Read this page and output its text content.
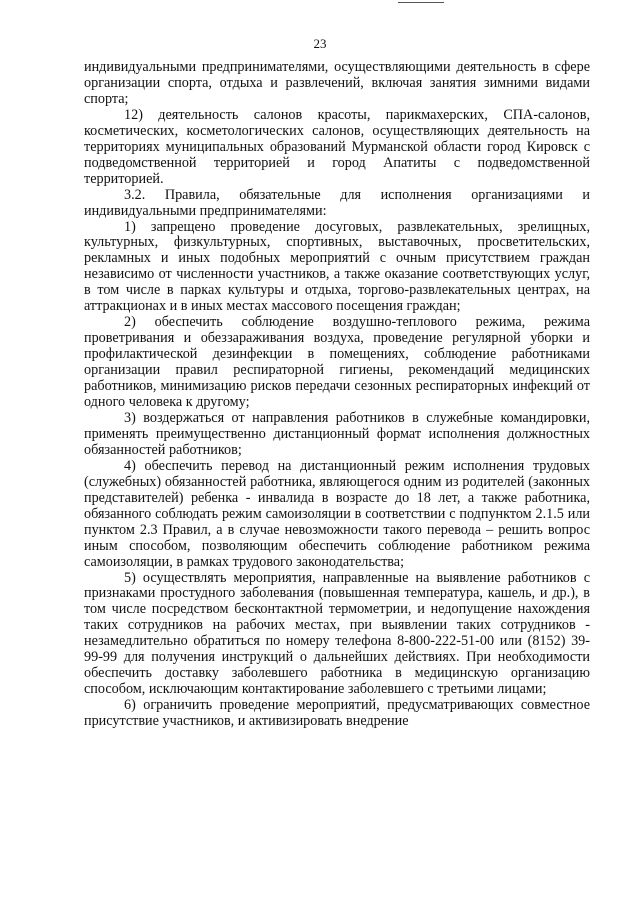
23

индивидуальными предпринимателями, осуществляющими деятельность в сфере организации спорта, отдыха и развлечений, включая занятия зимними видами спорта;

12) деятельность салонов красоты, парикмахерских, СПА-салонов, косметических, косметологических салонов, осуществляющих деятельность на территориях муниципальных образований Мурманской области город Кировск с подведомственной территорией и город Апатиты с подведомственной территорией.

3.2. Правила, обязательные для исполнения организациями и индивидуальными предпринимателями:

1) запрещено проведение досуговых, развлекательных, зрелищных, культурных, физкультурных, спортивных, выставочных, просветительских, рекламных и иных подобных мероприятий с очным присутствием граждан независимо от численности участников, а также оказание соответствующих услуг, в том числе в парках культуры и отдыха, торгово-развлекательных центрах, на аттракционах и в иных местах массового посещения граждан;

2) обеспечить соблюдение воздушно-теплового режима, режима проветривания и обеззараживания воздуха, проведение регулярной уборки и профилактической дезинфекции в помещениях, соблюдение работниками организации правил респираторной гигиены, рекомендаций медицинских работников, минимизацию рисков передачи сезонных респираторных инфекций от одного человека к другому;

3) воздержаться от направления работников в служебные командировки, применять преимущественно дистанционный формат исполнения должностных обязанностей работников;

4) обеспечить перевод на дистанционный режим исполнения трудовых (служебных) обязанностей работника, являющегося одним из родителей (законных представителей) ребенка - инвалида в возрасте до 18 лет, а также работника, обязанного соблюдать режим самоизоляции в соответствии с подпунктом 2.1.5 или пунктом 2.3 Правил, а в случае невозможности такого перевода – решить вопрос иным способом, позволяющим обеспечить соблюдение работником режима самоизоляции, в рамках трудового законодательства;

5) осуществлять мероприятия, направленные на выявление работников с признаками простудного заболевания (повышенная температура, кашель, и др.), в том числе посредством бесконтактной термометрии, и недопущение нахождения таких сотрудников на рабочих местах, при выявлении таких сотрудников - незамедлительно обратиться по номеру телефона 8-800-222-51-00 или (8152) 39-99-99 для получения инструкций о дальнейших действиях. При необходимости обеспечить доставку заболевшего работника в медицинскую организацию способом, исключающим контактирование заболевшего с третьими лицами;

6) ограничить проведение мероприятий, предусматривающих совместное присутствие участников, и активизировать внедрение
